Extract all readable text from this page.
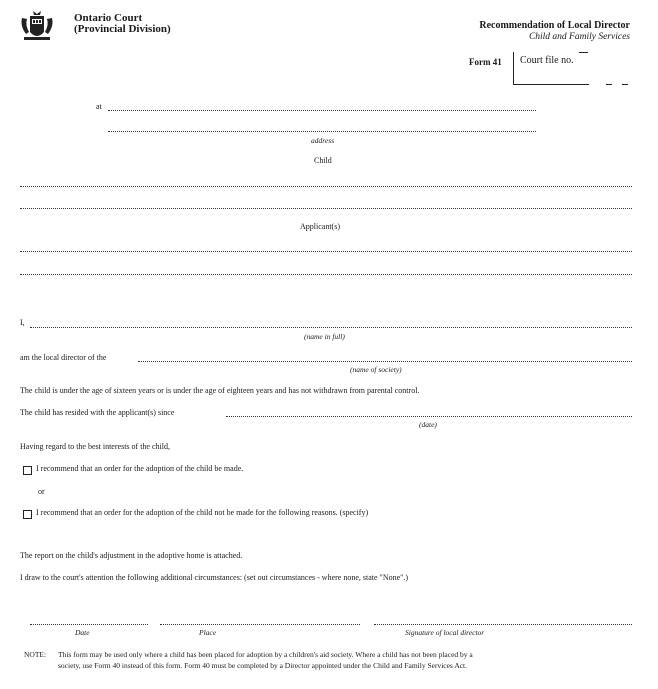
Ontario Court
(Provincial Division)	Recommendation of Local Director
Child and Family Services
Form 41 Court file no.
at
address
Child
Applicant(s)
I,
(name in full)
am the local director of the
(name of society)
The child is under the age of sixteen years or is under the age of eighteen years and has not withdrawn from parental control.
The child has resided with the applicant(s) since
(date)
Having regard to the best interests of the child,
I recommend that an order for the adoption of the child be made.
or
I recommend that an order for the adoption of the child not be made for the following reasons. (specify)
The report on the child's adjustment in the adoptive home is attached.
I draw to the court's attention the following additional circumstances: (set out circumstances - where none, state "None".)
Date	Place	Signature of local director
NOTE: This form may be used only where a child has been placed for adoption by a children's aid society. Where a child has not been placed by a
society, use Form 40 instead of this form. Form 40 must be completed by a Director appointed under the Child and Family Services Act.
